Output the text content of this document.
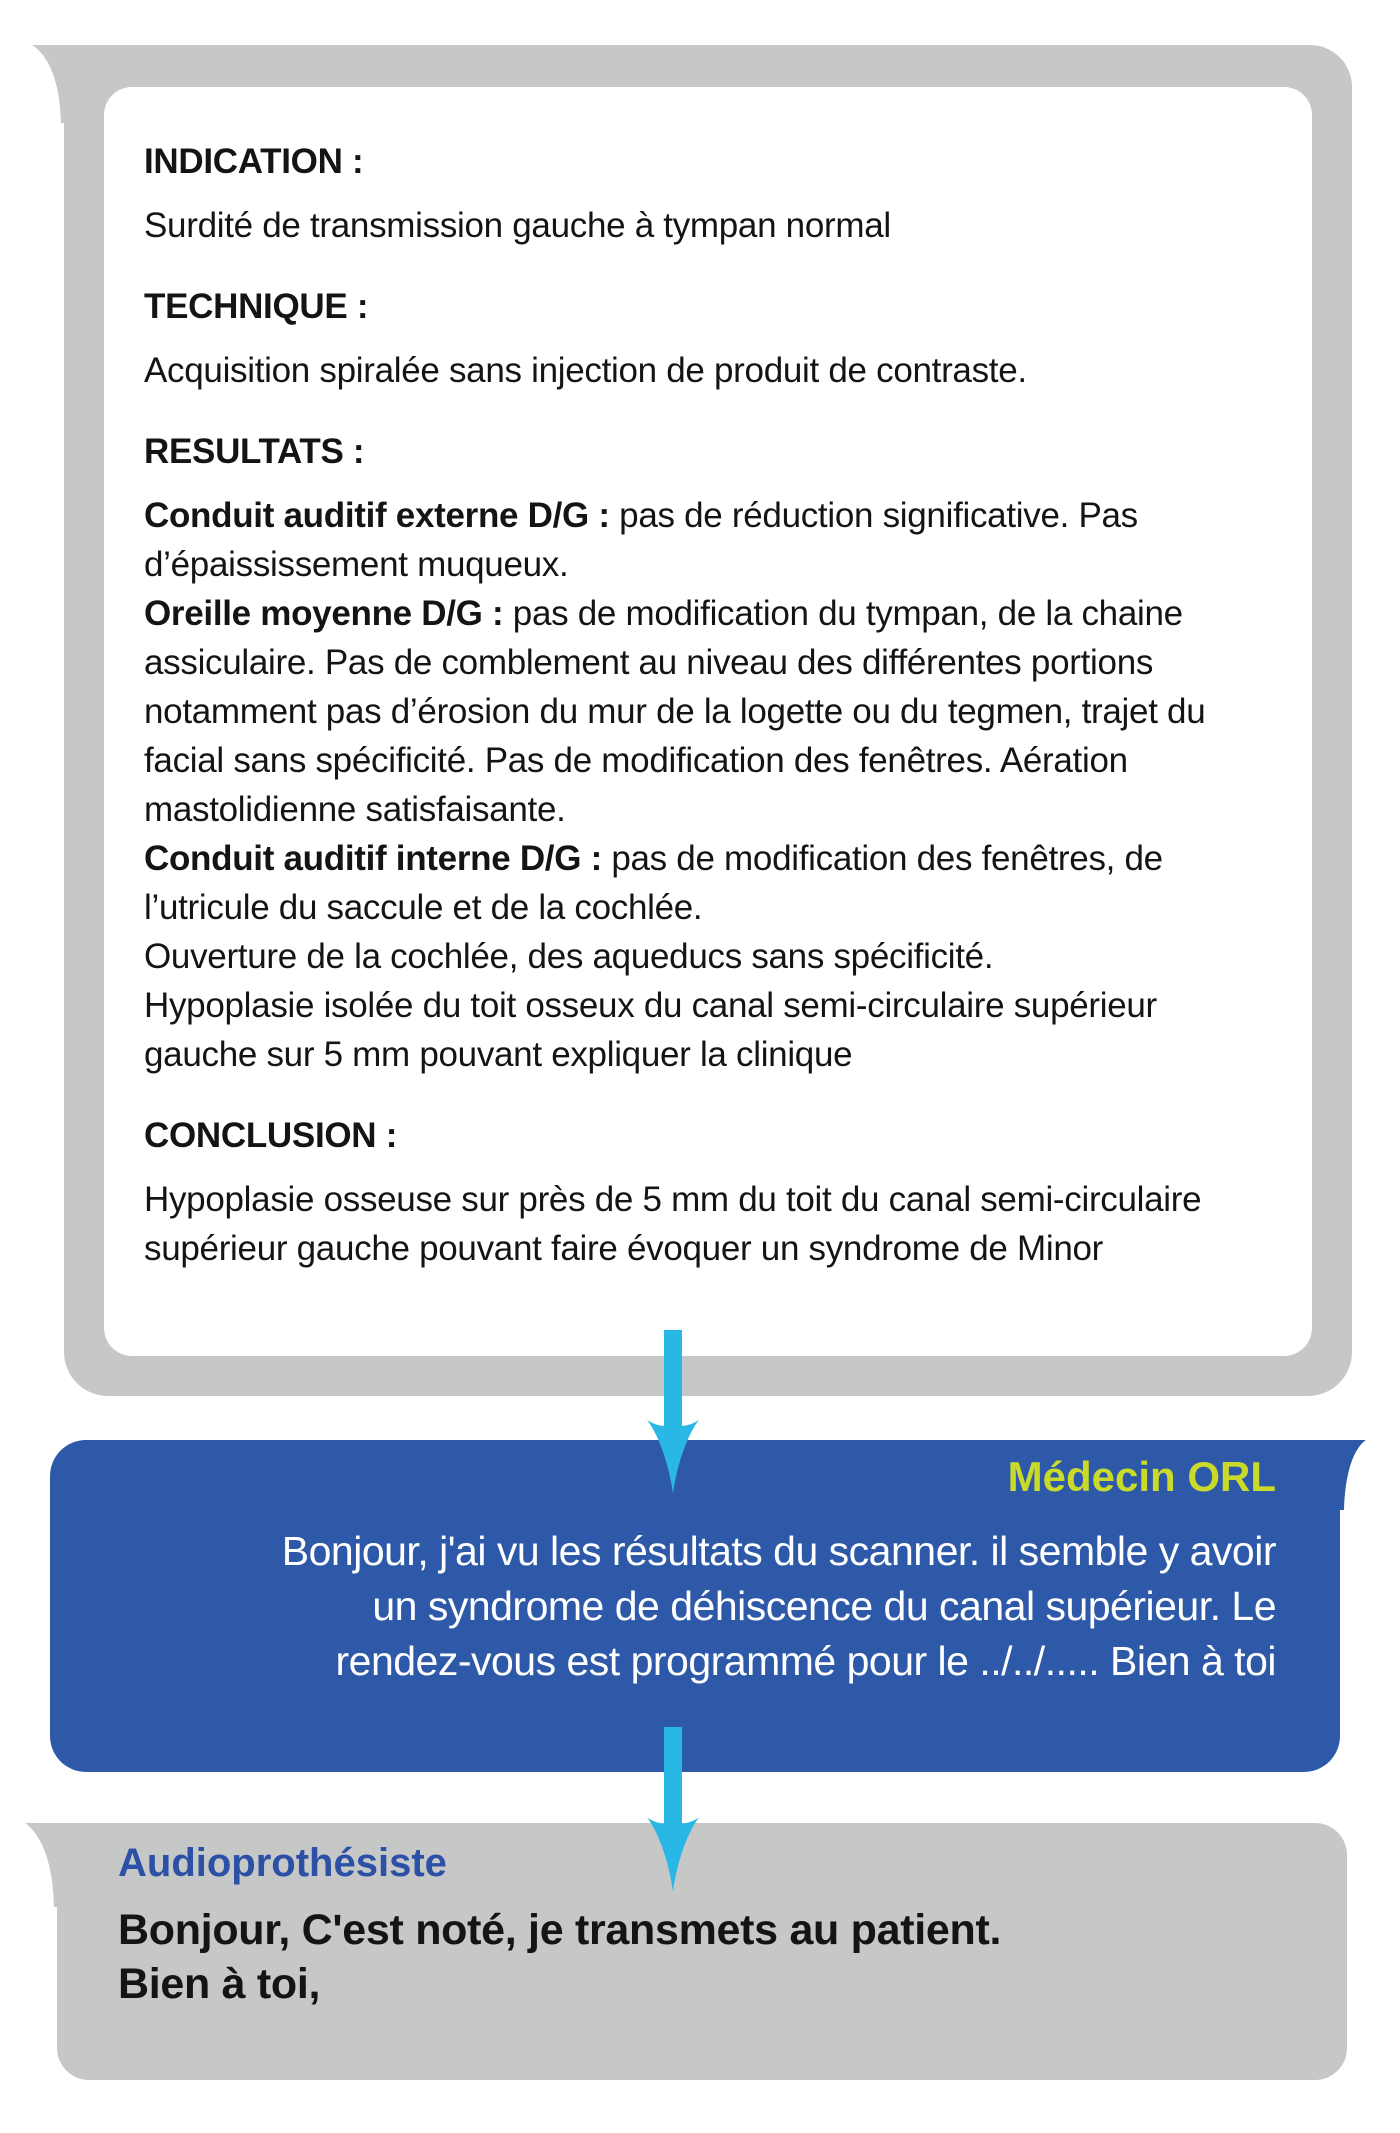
INDICATION :

Surdité de transmission gauche à tympan normal

TECHNIQUE :

Acquisition spiralée sans injection de produit de contraste.

RESULTATS :

Conduit auditif externe D/G : pas de réduction significative. Pas d’épaississement muqueux.

Oreille moyenne D/G : pas de modification du tympan, de la chaine assiculaire. Pas de comblement au niveau des différentes portions notamment pas d’érosion du mur de la logette ou du tegmen, trajet du facial sans spécificité. Pas de modification des fenêtres. Aération mastolidienne satisfaisante.

Conduit auditif interne D/G : pas de modification des fenêtres, de l’utricule du saccule et de la cochlée.

Ouverture de la cochlée, des aqueducs sans spécificité.

Hypoplasie isolée du toit osseux du canal semi-circulaire supérieur gauche sur 5 mm pouvant expliquer la clinique

CONCLUSION :

Hypoplasie osseuse sur près de 5 mm du toit du canal semi-circulaire supérieur gauche pouvant faire évoquer un syndrome de Minor

Médecin ORL
Bonjour, j'ai vu les résultats du scanner. il semble y avoir
un syndrome de déhiscence du canal supérieur. Le
rendez-vous est programmé pour le ../../..... Bien à toi
Audioprothésiste
Bonjour, C'est noté, je transmets au patient.
Bien à toi,
